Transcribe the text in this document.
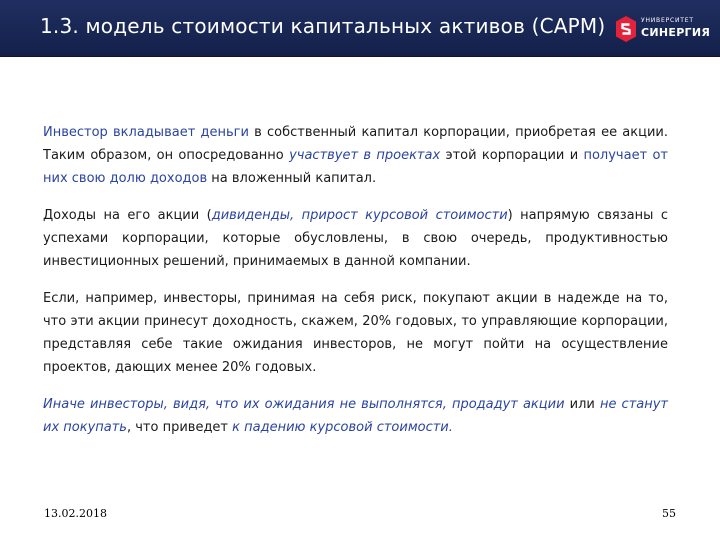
1.3. модель стоимости капитальных активов (CAPM)	УНИВЕРСИТЕТ
СИНЕРГИЯ

Инвестор вкладывает деньги в собственный капитал корпорации, приобретая ее акции. Таким образом, он опосредованно участвует в проектах этой корпорации и получает от них свою долю доходов на вложенный капитал.

Доходы на его акции (дивиденды, прирост курсовой стоимости) напрямую связаны с успехами корпорации, которые обусловлены, в свою очередь, продуктивностью инвестиционных решений, принимаемых в данной компании.

Если, например, инвесторы, принимая на себя риск, покупают акции в надежде на то, что эти акции принесут доходность, скажем, 20% годовых, то управляющие корпорации, представляя себе такие ожидания инвесторов, не могут пойти на осуществление проектов, дающих менее 20% годовых.

Иначе инвесторы, видя, что их ожидания не выполнятся, продадут акции или не станут их покупать, что приведет к падению курсовой стоимости.

13.02.2018	55
